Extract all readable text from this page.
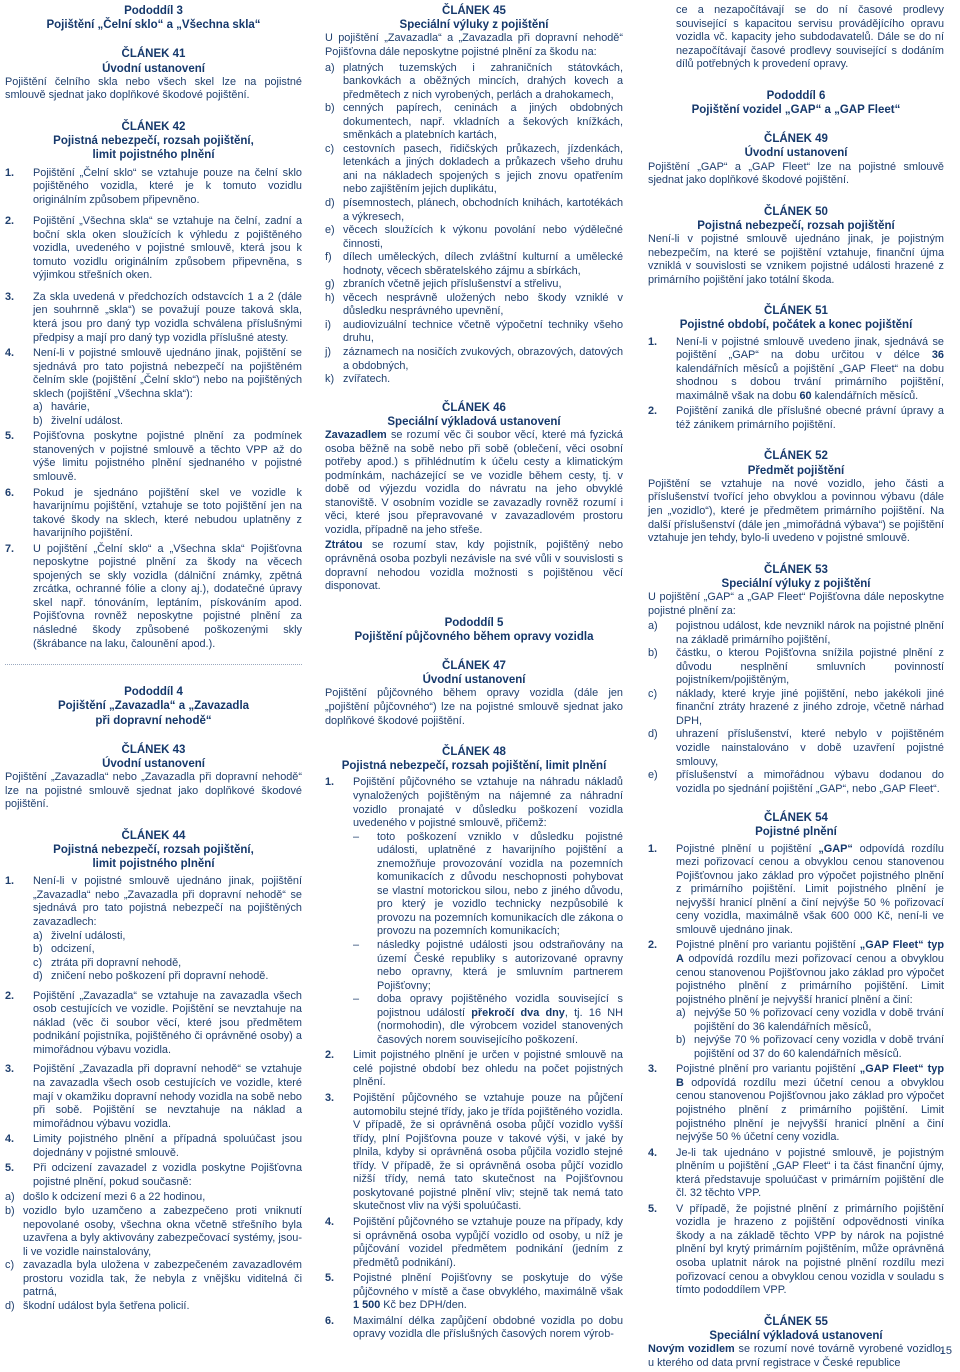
Pododdíl 3
Pojištění „Čelní sklo“ a „Všechna skla“
ČLÁNEK 41
Úvodní ustanovení

Pojištění čelního skla nebo všech skel lze na pojistné smlouvě sjednat jako doplňkové škodové pojištění.

ČLÁNEK 42
Pojistná nebezpečí, rozsah pojištění,
limit pojistného plnění
1.	Pojištění „Čelní sklo“ se vztahuje pouze na čelní sklo pojištěného vozidla, které je k tomuto vozidlu originálním způsobem připevněno.
2.	Pojištění „Všechna skla“ se vztahuje na čelní, zadní a boční skla oken sloužících k výhledu z pojištěného vozidla, uvedeného v pojistné smlouvě, která jsou k tomuto vozidlu originálním způsobem připevněna, s výjimkou střešních oken.
3.	Za skla uvedená v předchozích odstavcích 1 a 2 (dále jen souhrnně „skla“) se považují pouze taková skla, která jsou pro daný typ vozidla schválena příslušnými předpisy a mají pro daný typ vozidla příslušné atesty.
4.	Není-li v pojistné smlouvě ujednáno jinak, pojištění se sjednává pro tato pojistná nebezpečí na pojištěném čelním skle (pojištění „Čelní sklo“) nebo na pojištěných sklech (pojištění „Všechna skla“):
a) havárie,
b) živelní událost.
5.	Pojišťovna poskytne pojistné plnění za podmínek stanovených v pojistné smlouvě a těchto VPP až do výše limitu pojistného plnění sjednaného v pojistné smlouvě.
6.	Pokud je sjednáno pojištění skel ve vozidle k havarijnímu pojištění, vztahuje se toto pojištění jen na takové škody na sklech, které nebudou uplatněny z havarijního pojištění.
7.	U pojištění „Čelní sklo“ a „Všechna skla“ Pojišťovna neposkytne pojistné plnění za škody na věcech spojených se skly vozidla (dálniční známky, zpětná zrcátka, ochranné fólie a clony aj.), dodatečné úpravy skel např. tónováním, leptáním, pískováním apod. Pojišťovna rovněž neposkytne pojistné plnění za následné škody způsobené poškozenými skly (škrábance na laku, čalounění apod.).
Pododdíl 4
Pojištění „Zavazadla“ a „Zavazadla
při dopravní nehodě“
ČLÁNEK 43
Úvodní ustanovení

Pojištění „Zavazadla“ nebo „Zavazadla při dopravní nehodě“ lze na pojistné smlouvě sjednat jako doplňkové škodové pojištění.

ČLÁNEK 44
Pojistná nebezpečí, rozsah pojištění,
limit pojistného plnění
1.	Není-li v pojistné smlouvě ujednáno jinak, pojištění „Zavazadla“ nebo „Zavazadla při dopravní nehodě“ se sjednává pro tato pojistná nebezpečí na pojištěných zavazadlech:
a) živelní události,
b) odcizení,
c) ztráta při dopravní nehodě,
d) zničení nebo poškození při dopravní nehodě.
2.	Pojištění „Zavazadla“ se vztahuje na zavazadla všech osob cestujících ve vozidle. Pojištění se nevztahuje na náklad (věc či soubor věcí, které jsou předmětem podnikání pojistníka, pojištěného či oprávněné osoby) a mimořádnou výbavu vozidla.
3.	Pojištění „Zavazadla při dopravní nehodě“ se vztahuje na zavazadla všech osob cestujících ve vozidle, které mají v okamžiku dopravní nehody vozidla na sobě nebo při sobě. Pojištění se nevztahuje na náklad a mimořádnou výbavu vozidla.
4.	Limity pojistného plnění a případná spoluúčast jsou dojednány v pojistné smlouvě.
5.	Při odcizení zavazadel z vozidla poskytne Pojišťovna pojistné plnění, pokud současně:
a) došlo k odcizení mezi 6 a 22 hodinou,
b) vozidlo bylo uzamčeno a zabezpečeno proti vniknutí nepovolané osoby, všechna okna včetně střešního byla uzavřena a byly aktivovány zabezpečovací systémy, jsou-li ve vozidle nainstalovány,
c) zavazadla byla uložena v zabezpečeném zavazadlovém prostoru vozidla tak, že nebyla z vnějšku viditelná či patrná,
d) škodní událost byla šetřena policií.
ČLÁNEK 45
Speciální výluky z pojištění

U pojištění „Zavazadla“ a „Zavazadla při dopravní nehodě“ Pojišťovna dále neposkytne pojistné plnění za škodu na:

a) platných tuzemských i zahraničních státovkách, bankovkách a oběžných mincích, drahých kovech a předmětech z nich vyrobených, perlách a drahokamech,
b) cenných papírech, ceninách a jiných obdobných dokumentech, např. vkladních a šekových knížkách, směnkách a platebních kartách,
c) cestovních pasech, řidičských průkazech, jízdenkách, letenkách a jiných dokladech a průkazech všeho druhu ani na nákladech spojených s jejich znovu opatřením nebo zajištěním jejich duplikátu,
d) písemnostech, plánech, obchodních knihách, kartotékách a výkresech,
e) věcech sloužících k výkonu povolání nebo výdělečné činnosti,
f)	dílech uměleckých, dílech zvláštní kulturní a umělecké hodnoty, věcech sběratelského zájmu a sbírkách,
g) zbraních včetně jejich příslušenství a střelivu,
h) věcech nesprávně uložených nebo škody vzniklé v důsledku nesprávného upevnění,
i)	audiovizuální technice včetně výpočetní techniky všeho druhu,
j)	záznamech na nosičích zvukových, obrazových, datových a obdobných,
k) zvířatech.
ČLÁNEK 46
Speciální výkladová ustanovení

Zavazadlem se rozumí věc či soubor věcí, které má fyzická osoba běžně na sobě nebo při sobě (oblečení, věci osobní potřeby apod.) s přihlédnutím k účelu cesty a klimatickým podmínkám, nacházející se ve vozidle během cesty, tj. v době od výjezdu vozidla do návratu na jeho obvyklé stanoviště. V osobním vozidle se zavazadly rovněž rozumí i věci, které jsou přepravované v zavazadlovém prostoru vozidla, případně na jeho střeše.

Ztrátou se rozumí stav, kdy pojistník, pojištěný nebo oprávněná osoba pozbyli nezávisle na své vůli v souvislosti s dopravní nehodou vozidla možnosti s pojištěnou věcí disponovat.

Pododdíl 5
Pojištění půjčovného během opravy vozidla
ČLÁNEK 47
Úvodní ustanovení

Pojištění půjčovného během opravy vozidla (dále jen „pojištění půjčovného“) lze na pojistné smlouvě sjednat jako doplňkové škodové pojištění.

ČLÁNEK 48
Pojistná nebezpečí, rozsah pojištění, limit plnění
1.	Pojištění půjčovného se vztahuje na náhradu nákladů vynaložených pojištěným na nájemné za náhradní vozidlo pronajaté v důsledku poškození vozidla uvedeného v pojistné smlouvě, přičemž:
–	toto poškození vzniklo v důsledku pojistné události, uplatněné z havarijního pojištění a znemožňuje provozování vozidla na pozemních komunikacích z důvodu neschopnosti pohybovat se vlastní motorickou silou, nebo z jiného důvodu, pro který je vozidlo technicky nezpůsobilé k provozu na pozemních komunikacích dle zákona o provozu na pozemních komunikacích;
–	následky pojistné události jsou odstraňovány na území České republiky s autorizované opravny nebo opravny, která je smluvním partnerem Pojišťovny;
–	doba opravy pojištěného vozidla související s pojistnou událostí překročí dva dny, tj. 16 NH (normohodin), dle výrobcem vozidel stanovených časových norem souvisejícího poškození.
2.	Limit pojistného plnění je určen v pojistné smlouvě na celé pojistné období bez ohledu na počet pojistných plnění.
3.	Pojištění půjčovného se vztahuje pouze na půjčení automobilu stejné třídy, jako je třída pojištěného vozidla. V případě, že si oprávněná osoba půjčí vozidlo vyšší třídy, plní Pojišťovna pouze v takové výši, v jaké by plnila, kdyby si oprávněná osoba půjčila vozidlo stejné třídy. V případě, že si oprávněná osoba půjčí vozidlo nižší třídy, nemá tato skutečnost na Pojišťovnou poskytované pojistné plnění vliv; stejně tak nemá tato skutečnost vliv na výši spoluúčasti.
4.	Pojištění půjčovného se vztahuje pouze na případy, kdy si oprávněná osoba vypůjčí vozidlo od osoby, u níž je půjčování vozidel předmětem podnikání (jedním z předmětů podnikání).
5.	Pojistné plnění Pojišťovny se poskytuje do výše půjčovného v místě a čase obvyklého, maximálně však 1 500 Kč bez DPH/den.
6.	Maximální délka zapůjčení obdobné vozidla po dobu opravy vozidla dle příslušných časových norem výrob-

ce a nezapočítávají se do ní časové prodlevy související s kapacitou servisu provádějícího opravu vozidla vč. kapacity jeho subdodavatelů. Dále se do ní nezapočítávají časové prodlevy související s dodáním dílů potřebných k provedení opravy.

Pododdíl 6
Pojištění vozidel „GAP“ a „GAP Fleet“
ČLÁNEK 49
Úvodní ustanovení

Pojištění „GAP“ a „GAP Fleet“ lze na pojistné smlouvě sjednat jako doplňkové škodové pojištění.

ČLÁNEK 50
Pojistná nebezpečí, rozsah pojištění

Není-li v pojistné smlouvě ujednáno jinak, je pojistným nebezpečím, na které se pojištění vztahuje, finanční újma vzniklá v souvislosti se vznikem pojistné události hrazené z primárního pojištění jako totální škoda.

ČLÁNEK 51
Pojistné období, počátek a konec pojištění
1.	Není-li v pojistné smlouvě uvedeno jinak, sjednává se pojištění „GAP“ na dobu určitou v délce 36 kalendářních měsíců a pojištění „GAP Fleet“ na dobu shodnou s dobou trvání primárního pojištění, maximálně však na dobu 60 kalendářních měsíců.
2.	Pojištění zaniká dle příslušné obecné právní úpravy a též zánikem primárního pojištění.
ČLÁNEK 52
Předmět pojištění

Pojištění se vztahuje na nové vozidlo, jeho části a příslušenství tvořící jeho obvyklou a povinnou výbavu (dále jen „vozidlo“), které je předmětem primárního pojištění. Na další příslušenství (dále jen „mimořádná výbava“) se pojištění vztahuje jen tehdy, bylo-li uvedeno v pojistné smlouvě.

ČLÁNEK 53
Speciální výluky z pojištění

U pojištění „GAP“ a „GAP Fleet“ Pojišťovna dále neposkytne pojistné plnění za:

a)	pojistnou událost, kde nevznikl nárok na pojistné plnění na základě primárního pojištění,
b)	částku, o kterou Pojišťovna snížila pojistné plnění z důvodu nesplnění smluvních povinností pojistníkem/pojištěným,
c)	náklady, které kryje jiné pojištění, nebo jakékoli jiné finanční ztráty hrazené z jiného zdroje, včetně nárhad DPH,
d)	uhrazení příslušenství, které nebylo v pojištěném vozidle nainstalováno v době uzavření pojistné smlouvy,
e)	příslušenství a mimořádnou výbavu dodanou do vozidla po sjednání pojištění „GAP“, nebo „GAP Fleet“.
ČLÁNEK 54
Pojistné plnění
1.	Pojistné plnění u pojištění „GAP“ odpovídá rozdílu mezi pořizovací cenou a obvyklou cenou stanovenou Pojišťovnou jako základ pro výpočet pojistného plnění z primárního pojištění. Limit pojistného plnění je nejvyšší hranicí plnění a činí nejvýše 50 % pořizovací ceny vozidla, maximálně však 600 000 Kč, není-li ve smlouvě ujednáno jinak.
2.	Pojistné plnění pro variantu pojištění „GAP Fleet“ typ A odpovídá rozdílu mezi pořizovací cenou a obvyklou cenou stanovenou Pojišťovnou jako základ pro výpočet pojistného plnění z primárního pojištění. Limit pojistného plnění je nejvyšší hranicí plnění a činí:
a) nejvýše 50 % pořizovací ceny vozidla v době trvání pojištění do 36 kalendářních měsíců,
b) nejvýše 70 % pořizovací ceny vozidla v době trvání pojištění od 37 do 60 kalendářních měsíců.
3.	Pojistné plnění pro variantu pojištění „GAP Fleet“ typ B odpovídá rozdílu mezi účetní cenou a obvyklou cenou stanovenou Pojišťovnou jako základ pro výpočet pojistného plnění z primárního pojištění. Limit pojistného plnění je nejvyšší hranicí plnění a činí nejvýše 50 % účetní ceny vozidla.
4.	Je-li tak ujednáno v pojistné smlouvě, je pojistným plněním u pojištění „GAP Fleet“ i ta část finanční újmy, která představuje spoluúčast v primárním pojištění dle čl. 32 těchto VPP.
5.	V případě, že pojistné plnění z primárního pojištění vozidla je hrazeno z pojištění odpovědnosti viníka škody a na základě těchto VPP by nárok na pojistné plnění byl krytý primárním pojištěním, může oprávněná osoba uplatnit nárok na pojistné plnění rozdílu mezi pořizovací cenou a obvyklou cenou vozidla v souladu s tímto pododdílem VPP.
ČLÁNEK 55
Speciální výkladová ustanovení

Novým vozidlem se rozumí nové továrně vyrobené vozidlo, u kterého od data první registrace v České republice

15
